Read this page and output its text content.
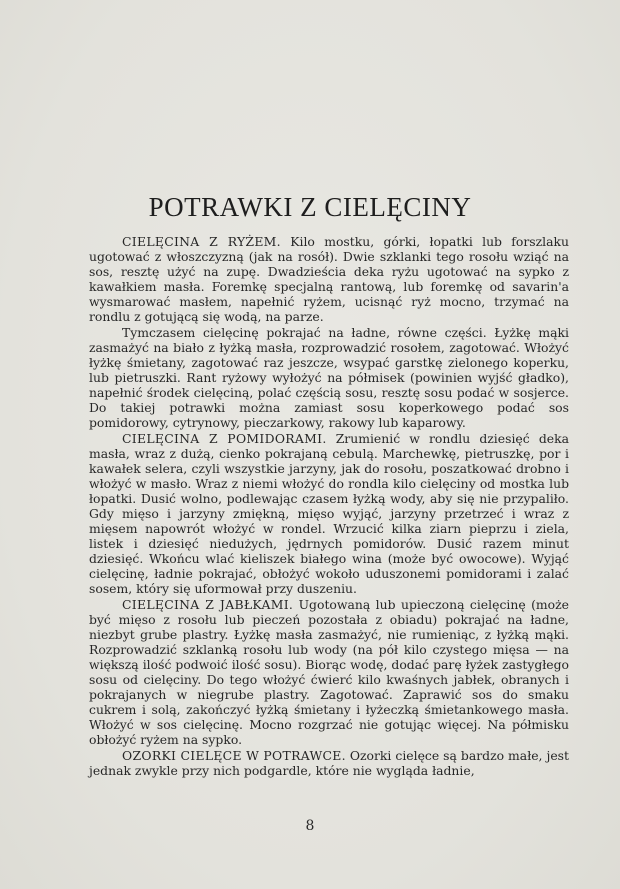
POTRAWKI Z CIELĘCINY

CIELĘCINA Z RYŻEM. Kilo mostku, górki, łopatki lub forszlaku ugotować z włoszczyzną (jak na rosół). Dwie szklanki tego rosołu wziąć na sos, resztę użyć na zupę. Dwadzieścia deka ryżu ugotować na sypko z kawałkiem masła. Foremkę specjalną rantową, lub foremkę od savarin'a wysmarować masłem, napełnić ryżem, ucisnąć ryż mocno, trzymać na rondlu z gotującą się wodą, na parze.

Tymczasem cielęcinę pokrajać na ładne, równe części. Łyżkę mąki zasmażyć na biało z łyżką masła, rozprowadzić rosołem, zagotować. Włożyć łyżkę śmietany, zagotować raz jeszcze, wsypać garstkę zielonego koperku, lub pietruszki. Rant ryżowy wyłożyć na półmisek (powinien wyjść gładko), napełnić środek cielęciną, polać częścią sosu, resztę sosu podać w sosjerce. Do takiej potrawki można zamiast sosu koperkowego podać sos pomidorowy, cytrynowy, pieczarkowy, rakowy lub kaparowy.

CIELĘCINA Z POMIDORAMI. Zrumienić w rondlu dziesięć deka masła, wraz z dużą, cienko pokrajaną cebulą. Marchewkę, pietruszkę, por i kawałek selera, czyli wszystkie jarzyny, jak do rosołu, poszatkować drobno i włożyć w masło. Wraz z niemi włożyć do rondla kilo cielęciny od mostka lub łopatki. Dusić wolno, podlewając czasem łyżką wody, aby się nie przypaliło. Gdy mięso i jarzyny zmiękną, mięso wyjąć, jarzyny przetrzeć i wraz z mięsem napowrót włożyć w rondel. Wrzucić kilka ziarn pieprzu i ziela, listek i dziesięć niedużych, jędrnych pomidorów. Dusić razem minut dziesięć. Wkońcu wlać kieliszek białego wina (może być owocowe). Wyjąć cielęcinę, ładnie pokrajać, obłożyć wokoło uduszonemi pomidorami i zalać sosem, który się uformował przy duszeniu.

CIELĘCINA Z JABŁKAMI. Ugotowaną lub upieczoną cielęcinę (może być mięso z rosołu lub pieczeń pozostała z obiadu) pokrajać na ładne, niezbyt grube plastry. Łyżkę masła zasmażyć, nie rumieniąc, z łyżką mąki. Rozprowadzić szklanką rosołu lub wody (na pół kilo czystego mięsa — na większą ilość podwoić ilość sosu). Biorąc wodę, dodać parę łyżek zastygłego sosu od cielęciny. Do tego włożyć ćwierć kilo kwaśnych jabłek, obranych i pokrajanych w niegrube plastry. Zagotować. Zaprawić sos do smaku cukrem i solą, zakończyć łyżką śmietany i łyżeczką śmietankowego masła. Włożyć w sos cielęcinę. Mocno rozgrzać nie gotując więcej. Na półmisku obłożyć ryżem na sypko.

OZORKI CIELĘCE W POTRAWCE. Ozorki cielęce są bardzo małe, jest jednak zwykle przy nich podgardle, które nie wygląda ładnie,

8
